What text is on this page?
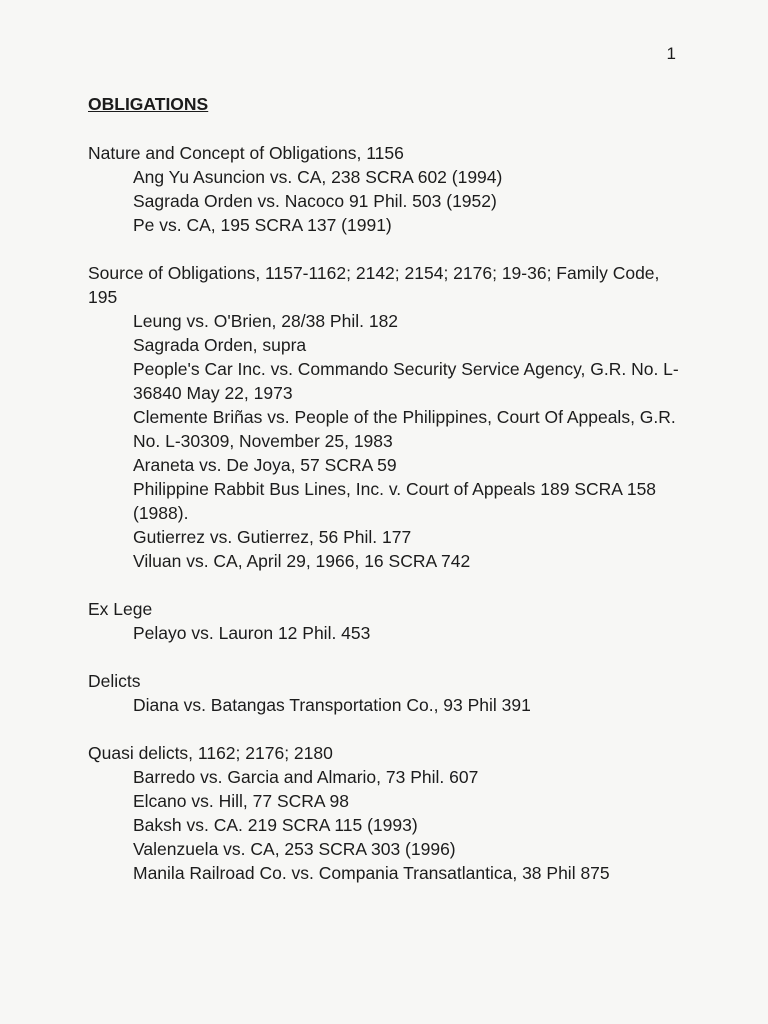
1
OBLIGATIONS
Nature and Concept of Obligations, 1156
Ang Yu Asuncion vs. CA, 238 SCRA 602 (1994)
Sagrada Orden vs. Nacoco 91 Phil. 503 (1952)
Pe vs. CA, 195 SCRA 137 (1991)
Source of Obligations, 1157-1162; 2142; 2154; 2176; 19-36; Family Code, 195
Leung vs. O'Brien, 28/38 Phil. 182
Sagrada Orden, supra
People's Car Inc. vs. Commando Security Service Agency, G.R. No. L-36840 May 22, 1973
Clemente Briñas vs. People of the Philippines, Court Of Appeals, G.R. No. L-30309, November 25, 1983
Araneta vs. De Joya, 57 SCRA 59
Philippine Rabbit Bus Lines, Inc. v. Court of Appeals 189 SCRA 158 (1988).
Gutierrez vs. Gutierrez, 56 Phil. 177
Viluan vs. CA, April 29, 1966, 16 SCRA 742
Ex Lege
Pelayo vs. Lauron 12 Phil. 453
Delicts
Diana vs. Batangas Transportation Co., 93 Phil 391
Quasi delicts, 1162; 2176; 2180
Barredo vs. Garcia and Almario, 73 Phil. 607
Elcano vs. Hill, 77 SCRA 98
Baksh vs. CA. 219 SCRA 115 (1993)
Valenzuela vs. CA, 253 SCRA 303 (1996)
Manila Railroad Co. vs. Compania Transatlantica, 38 Phil 875
